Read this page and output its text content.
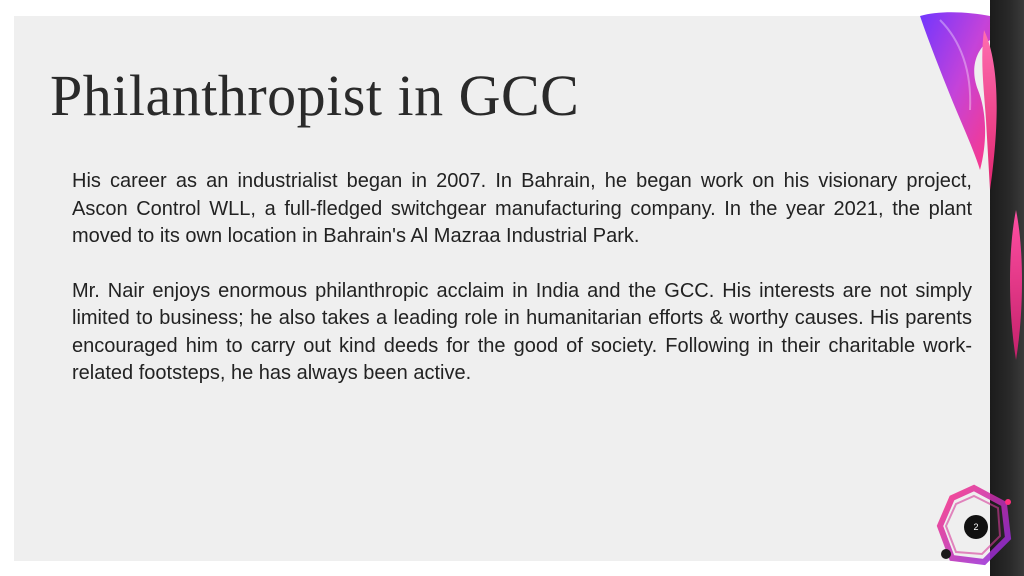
Philanthropist in GCC

His career as an industrialist began in 2007. In Bahrain, he began work on his visionary project, Ascon Control WLL, a full-fledged switchgear manufacturing company. In the year 2021, the plant moved to its own location in Bahrain's Al Mazraa Industrial Park.

Mr. Nair enjoys enormous philanthropic acclaim in India and the GCC. His interests are not simply limited to business; he also takes a leading role in humanitarian efforts & worthy causes. His parents encouraged him to carry out kind deeds for the good of society. Following in their charitable work-related footsteps, he has always been active.

2
